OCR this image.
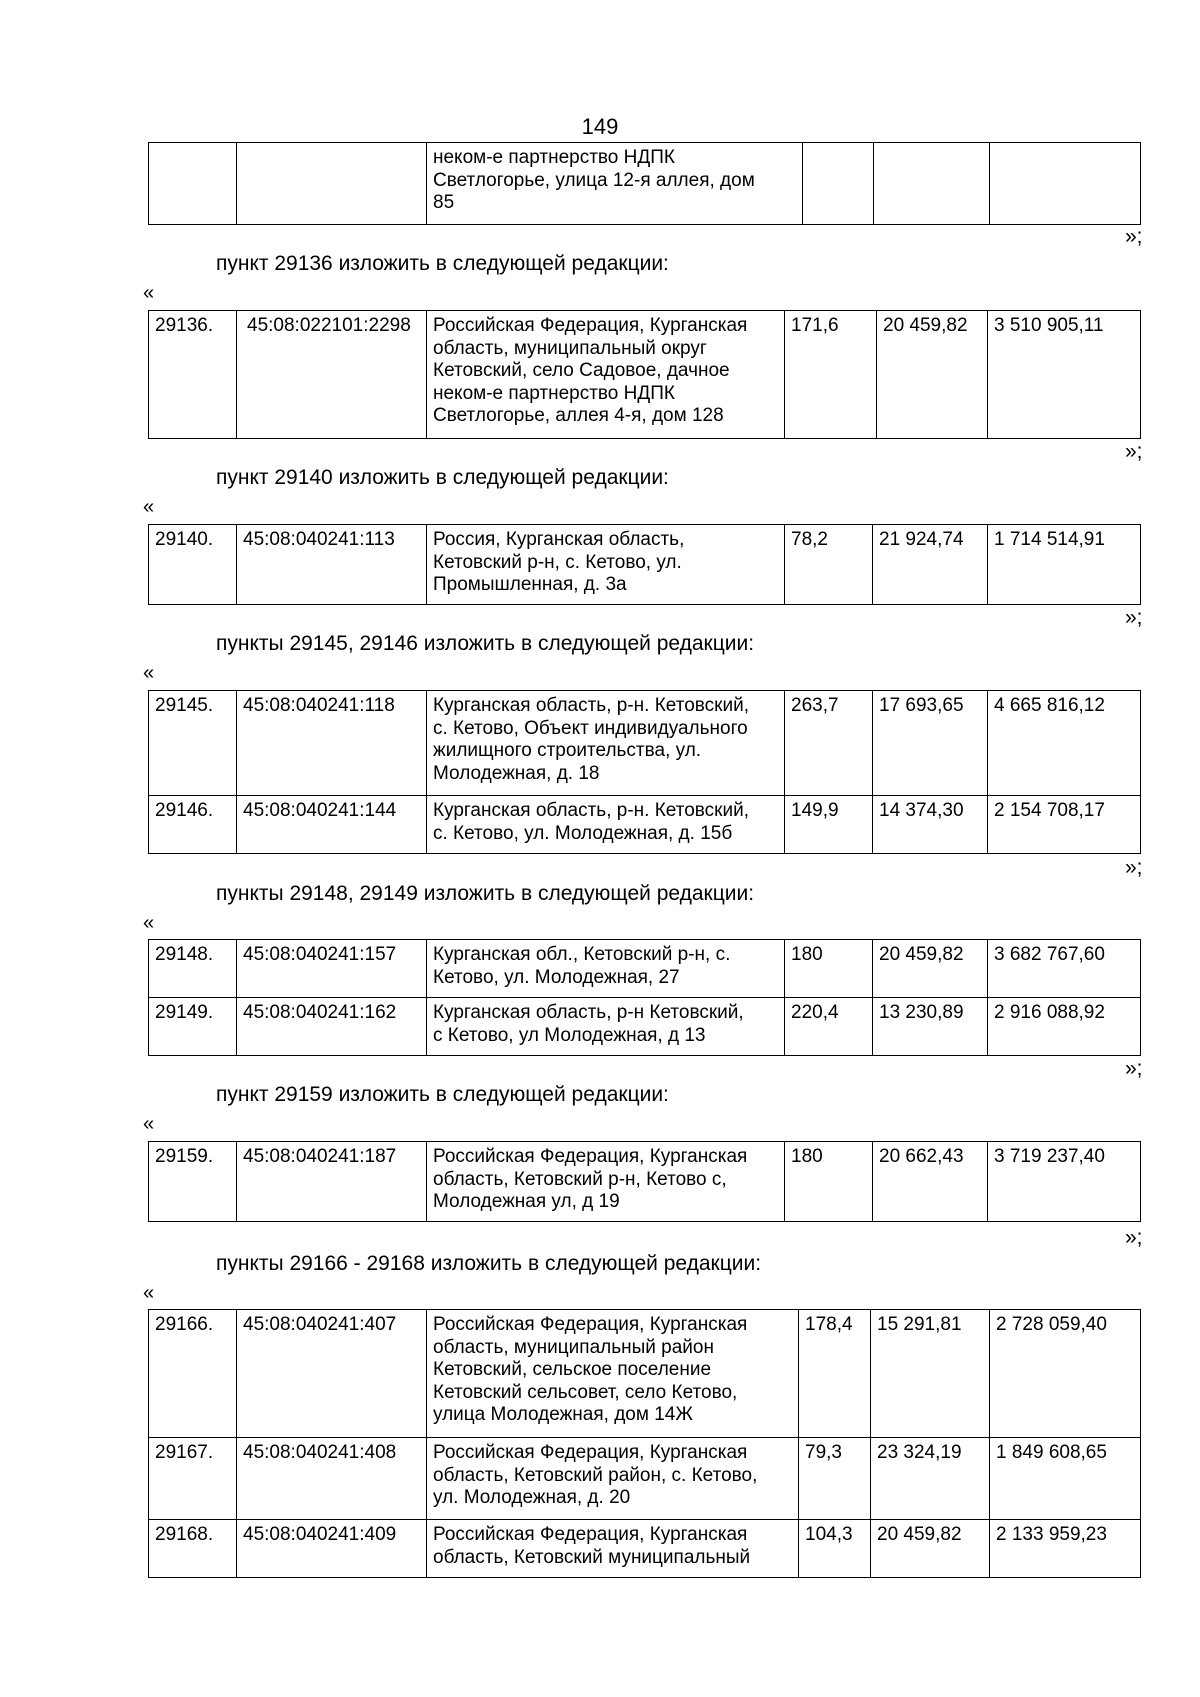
149
		неком-е партнерство НДПК
Светлогорье, улица 12-я аллея, дом
85			
»;
пункт 29136 изложить в следующей редакции:
«
29136.	45:08:022101:2298	Российская Федерация, Курганская
область, муниципальный округ
Кетовский, село Садовое, дачное
неком-е партнерство НДПК
Светлогорье, аллея 4-я, дом 128	171,6	20 459,82	3 510 905,11
»;
пункт 29140 изложить в следующей редакции:
«
29140.	45:08:040241:113	Россия, Курганская область,
Кетовский р-н, с. Кетово, ул.
Промышленная, д. 3а	78,2	21 924,74	1 714 514,91
»;
пункты 29145, 29146 изложить в следующей редакции:
«
29145.	45:08:040241:118	Курганская область, р-н. Кетовский,
с. Кетово, Объект индивидуального
жилищного строительства, ул.
Молодежная, д. 18	263,7	17 693,65	4 665 816,12
29146.	45:08:040241:144	Курганская область, р-н. Кетовский,
с. Кетово, ул. Молодежная, д. 15б	149,9	14 374,30	2 154 708,17
»;
пункты 29148, 29149 изложить в следующей редакции:
«
29148.	45:08:040241:157	Курганская обл., Кетовский р-н, с.
Кетово, ул. Молодежная, 27	180	20 459,82	3 682 767,60
29149.	45:08:040241:162	Курганская область, р-н Кетовский,
с Кетово, ул Молодежная, д 13	220,4	13 230,89	2 916 088,92
»;
пункт 29159 изложить в следующей редакции:
«
29159.	45:08:040241:187	Российская Федерация, Курганская
область, Кетовский р-н, Кетово с,
Молодежная ул, д 19	180	20 662,43	3 719 237,40
»;
пункты 29166 - 29168 изложить в следующей редакции:
«
29166.	45:08:040241:407	Российская Федерация, Курганская
область, муниципальный район
Кетовский, сельское поселение
Кетовский сельсовет, село Кетово,
улица Молодежная, дом 14Ж	178,4	15 291,81	2 728 059,40
29167.	45:08:040241:408	Российская Федерация, Курганская
область, Кетовский район, с. Кетово,
ул. Молодежная, д. 20	79,3	23 324,19	1 849 608,65
29168.	45:08:040241:409	Российская Федерация, Курганская
область, Кетовский муниципальный	104,3	20 459,82	2 133 959,23
